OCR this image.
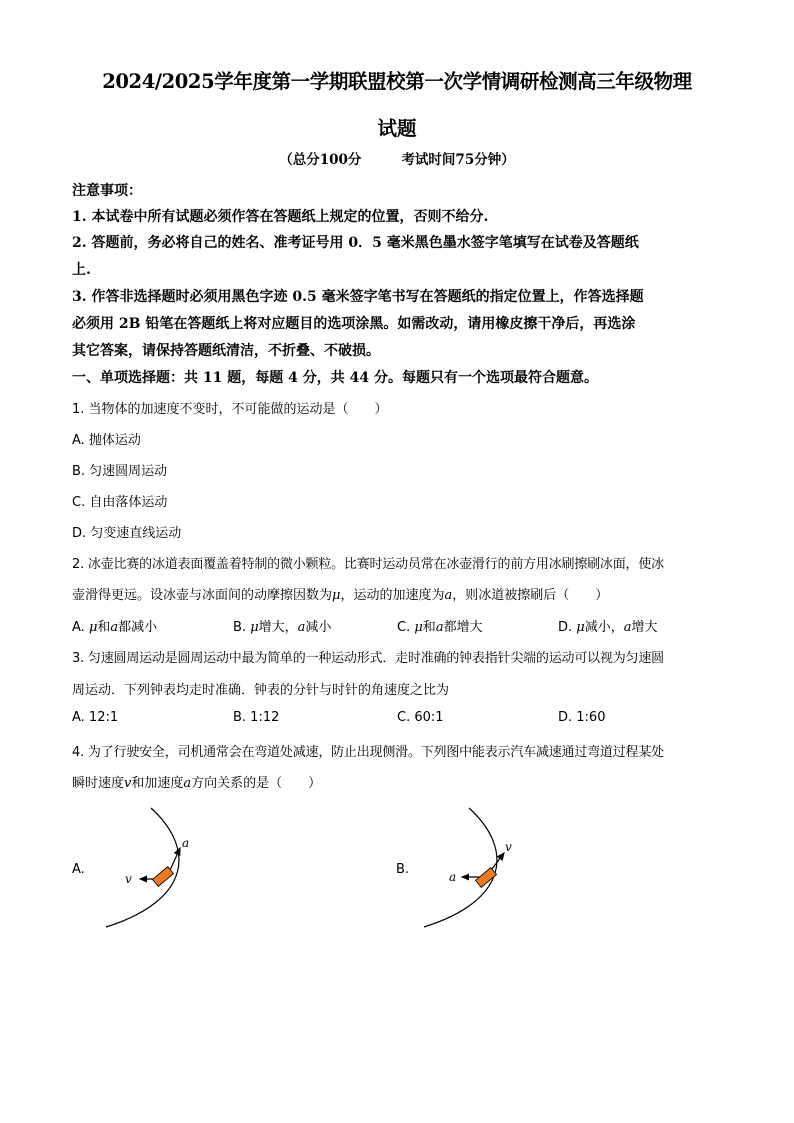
2024/2025学年度第一学期联盟校第一次学情调研检测高三年级物理
试题
（总分100分	考试时间75分钟）
注意事项：
1. 本试卷中所有试题必须作答在答题纸上规定的位置，否则不给分.
2. 答题前，务必将自己的姓名、准考证号用 0．5 毫米黑色墨水签字笔填写在试卷及答题纸
上.
3. 作答非选择题时必须用黑色字迹 0.5 毫米签字笔书写在答题纸的指定位置上，作答选择题
必须用 2B 铅笔在答题纸上将对应题目的选项涂黑。如需改动，请用橡皮擦干净后，再选涂
其它答案，请保持答题纸清洁，不折叠、不破损。
一、单项选择题：共 11 题，每题 4 分，共 44 分。每题只有一个选项最符合题意。
1. 当物体的加速度不变时，不可能做的运动是（　　）
A. 抛体运动
B. 匀速圆周运动
C. 自由落体运动
D. 匀变速直线运动
2. 冰壶比赛的冰道表面覆盖着特制的微小颗粒。比赛时运动员常在冰壶滑行的前方用冰刷擦刷冰面，使冰
壶滑得更远。设冰壶与冰面间的动摩擦因数为μ，运动的加速度为a，则冰道被擦刷后（　　）
A. μ和a都减小	B. μ增大，a减小	C. μ和a都增大	D. μ减小，a增大
3. 匀速圆周运动是圆周运动中最为简单的一种运动形式．走时准确的钟表指针尖端的运动可以视为匀速圆
周运动．下列钟表均走时准确．钟表的分针与时针的角速度之比为
A. 12:1	B. 1:12	C. 60:1	D. 1:60
4. 为了行驶安全，司机通常会在弯道处减速，防止出现侧滑。下列图中能表示汽车减速通过弯道过程某处
瞬时速度v和加速度a方向关系的是（　　）
A.
a
v
B.
v
a
